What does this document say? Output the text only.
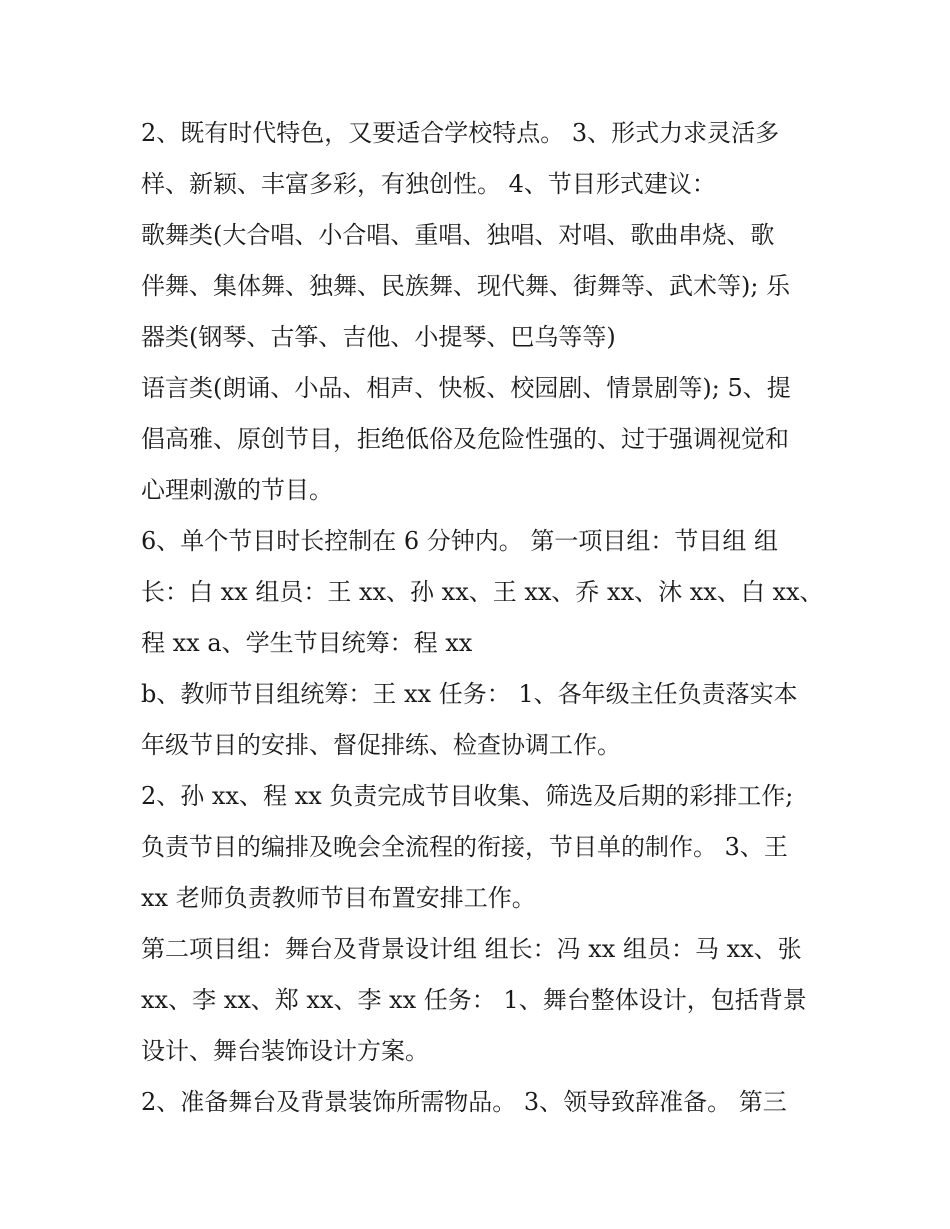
2、既有时代特色，又要适合学校特点。 3、形式力求灵活多
样、新颖、丰富多彩，有独创性。 4、节目形式建议：
歌舞类(大合唱、小合唱、重唱、独唱、对唱、歌曲串烧、歌
伴舞、集体舞、独舞、民族舞、现代舞、街舞等、武术等); 乐
器类(钢琴、古筝、吉他、小提琴、巴乌等等)
语言类(朗诵、小品、相声、快板、校园剧、情景剧等); 5、提
倡高雅、原创节目，拒绝低俗及危险性强的、过于强调视觉和
心理刺激的节目。
6、单个节目时长控制在 6 分钟内。 第一项目组：节目组 组
长：白 xx 组员：王 xx、孙 xx、王 xx、乔 xx、沐 xx、白 xx、
程 xx a、学生节目统筹：程 xx
b、教师节目组统筹：王 xx 任务： 1、各年级主任负责落实本
年级节目的安排、督促排练、检查协调工作。
2、孙 xx、程 xx 负责完成节目收集、筛选及后期的彩排工作;
负责节目的编排及晚会全流程的衔接，节目单的制作。 3、王
xx 老师负责教师节目布置安排工作。
第二项目组：舞台及背景设计组 组长：冯 xx 组员：马 xx、张
xx、李 xx、郑 xx、李 xx 任务： 1、舞台整体设计，包括背景
设计、舞台装饰设计方案。
2、准备舞台及背景装饰所需物品。 3、领导致辞准备。 第三
